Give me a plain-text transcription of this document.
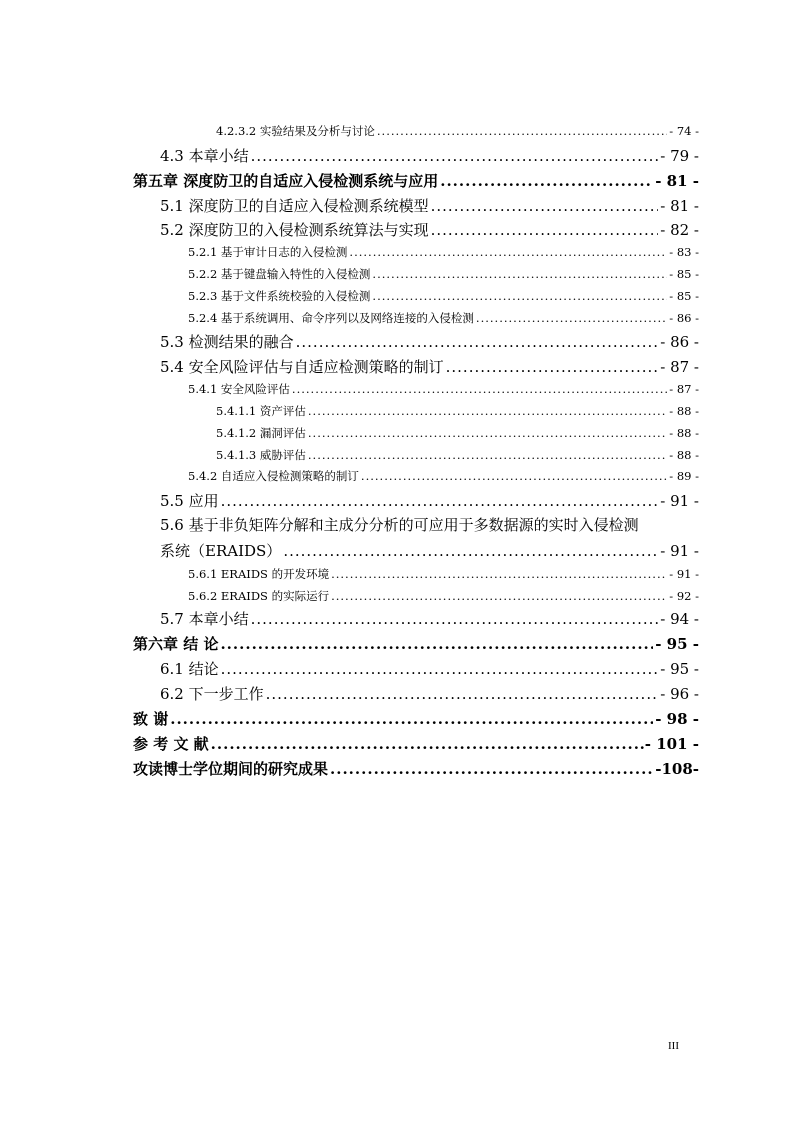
4.2.3.2 实验结果及分析与讨论 .....	- 74 -
4.3 本章小结 .....	- 79 -
第五章 深度防卫的自适应入侵检测系统与应用 .....	- 81 -
5.1 深度防卫的自适应入侵检测系统模型 .....	- 81 -
5.2 深度防卫的入侵检测系统算法与实现 .....	- 82 -
5.2.1 基于审计日志的入侵检测 .....	- 83 -
5.2.2 基于键盘输入特性的入侵检测 .....	- 85 -
5.2.3 基于文件系统校验的入侵检测 .....	- 85 -
5.2.4 基于系统调用、命令序列以及网络连接的入侵检测 .....	- 86 -
5.3 检测结果的融合 .....	- 86 -
5.4 安全风险评估与自适应检测策略的制订 .....	- 87 -
5.4.1 安全风险评估 .....	- 87 -
5.4.1.1 资产评估 .....	- 88 -
5.4.1.2 漏洞评估 .....	- 88 -
5.4.1.3 威胁评估 .....	- 88 -
5.4.2 自适应入侵检测策略的制订 .....	- 89 -
5.5 应用 .....	- 91 -
5.6 基于非负矩阵分解和主成分分析的可应用于多数据源的实时入侵检测
系统（ERAIDS） .....	- 91 -
5.6.1 ERAIDS 的开发环境 .....	- 91 -
5.6.2 ERAIDS 的实际运行 .....	- 92 -
5.7 本章小结 .....	- 94 -
第六章 结 论 .....	- 95 -
6.1 结论 .....	- 95 -
6.2 下一步工作 .....	- 96 -
致 谢 .....	- 98 -
参 考 文 献 .....	.- 101 -
攻读博士学位期间的研究成果 .....	-108-
III
